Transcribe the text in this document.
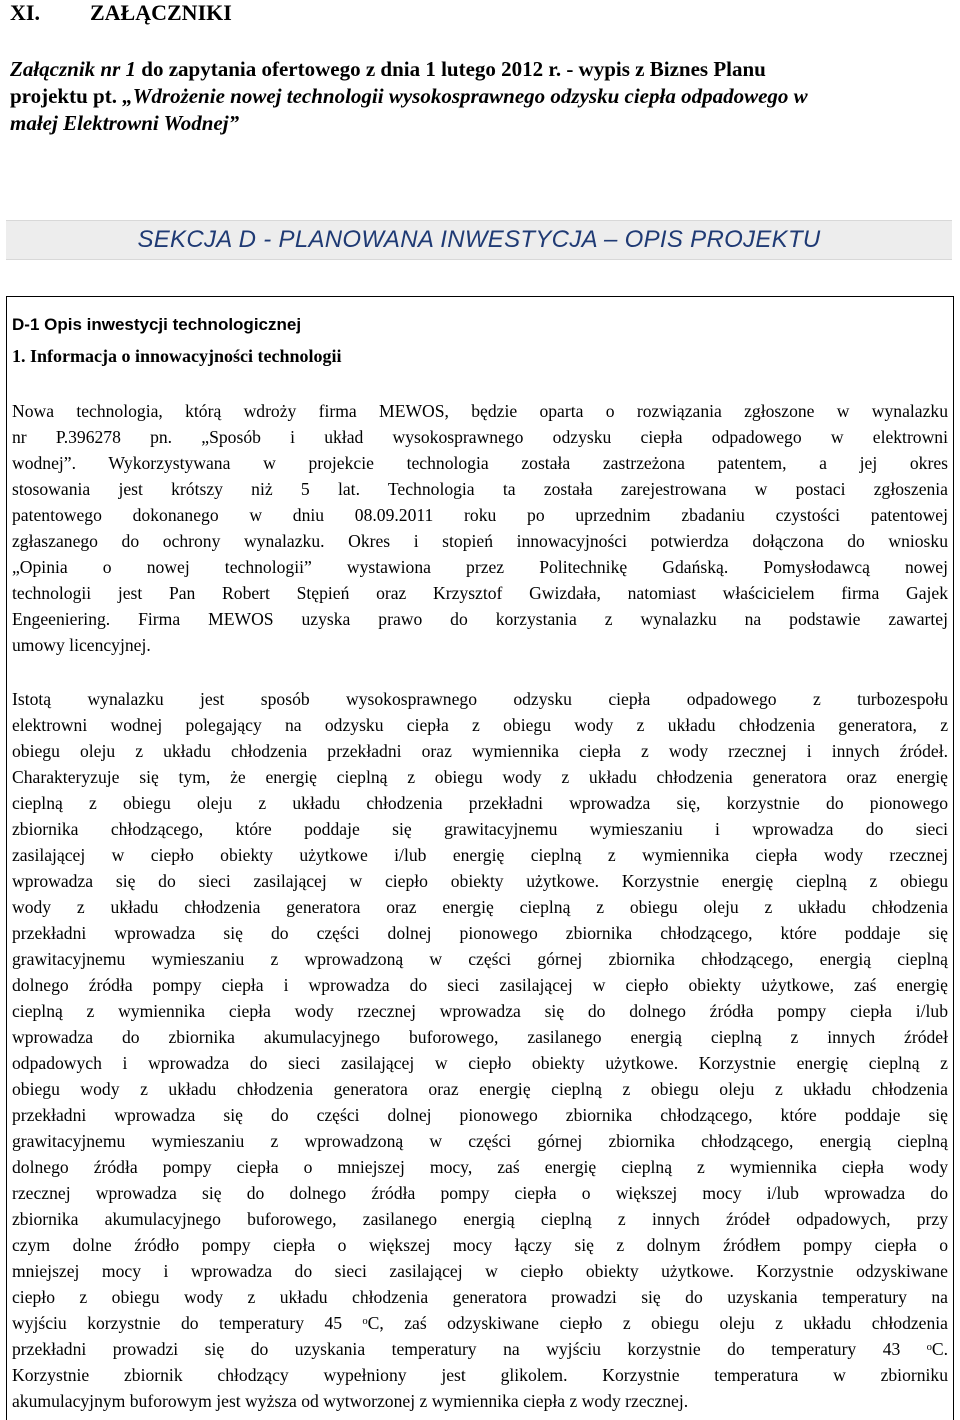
XI. ZAŁĄCZNIKI

Załącznik nr 1 do zapytania ofertowego z dnia 1 lutego 2012 r. - wypis z Biznes Planu
projektu pt. „Wdrożenie nowej technologii wysokosprawnego odzysku ciepła odpadowego w
małej Elektrowni Wodnej”

SEKCJA D - PLANOWANA INWESTYCJA – OPIS PROJEKTU
D-1 Opis inwestycji technologicznej
1. Informacja o innowacyjności technologii
Nowa technologia, którą wdroży firma MEWOS, będzie oparta o rozwiązania zgłoszone w wynalazku
nr P.396278 pn. „Sposób i układ wysokosprawnego odzysku ciepła odpadowego w elektrowni
wodnej”. Wykorzystywana w projekcie technologia została zastrzeżona patentem, a jej okres
stosowania jest krótszy niż 5 lat. Technologia ta została zarejestrowana w postaci zgłoszenia
patentowego dokonanego w dniu 08.09.2011 roku po uprzednim zbadaniu czystości patentowej
zgłaszanego do ochrony wynalazku. Okres i stopień innowacyjności potwierdza dołączona do wniosku
„Opinia o nowej technologii” wystawiona przez Politechnikę Gdańską. Pomysłodawcą nowej
technologii jest Pan Robert Stępień oraz Krzysztof Gwizdała, natomiast właścicielem firma Gajek
Engeeniering. Firma MEWOS uzyska prawo do korzystania z wynalazku na podstawie zawartej
umowy licencyjnej.
Istotą wynalazku jest sposób wysokosprawnego odzysku ciepła odpadowego z turbozespołu
elektrowni wodnej polegający na odzysku ciepła z obiegu wody z układu chłodzenia generatora, z
obiegu oleju z układu chłodzenia przekładni oraz wymiennika ciepła z wody rzecznej i innych źródeł.
Charakteryzuje się tym, że energię cieplną z obiegu wody z układu chłodzenia generatora oraz energię
cieplną z obiegu oleju z układu chłodzenia przekładni wprowadza się, korzystnie do pionowego
zbiornika chłodzącego, które poddaje się grawitacyjnemu wymieszaniu i wprowadza do sieci
zasilającej w ciepło obiekty użytkowe i/lub energię cieplną z wymiennika ciepła wody rzecznej
wprowadza się do sieci zasilającej w ciepło obiekty użytkowe. Korzystnie energię cieplną z obiegu
wody z układu chłodzenia generatora oraz energię cieplną z obiegu oleju z układu chłodzenia
przekładni wprowadza się do części dolnej pionowego zbiornika chłodzącego, które poddaje się
grawitacyjnemu wymieszaniu z wprowadzoną w części górnej zbiornika chłodzącego, energią cieplną
dolnego źródła pompy ciepła i wprowadza do sieci zasilającej w ciepło obiekty użytkowe, zaś energię
cieplną z wymiennika ciepła wody rzecznej wprowadza się do dolnego źródła pompy ciepła i/lub
wprowadza do zbiornika akumulacyjnego buforowego, zasilanego energią cieplną z innych źródeł
odpadowych i wprowadza do sieci zasilającej w ciepło obiekty użytkowe. Korzystnie energię cieplną z
obiegu wody z układu chłodzenia generatora oraz energię cieplną z obiegu oleju z układu chłodzenia
przekładni wprowadza się do części dolnej pionowego zbiornika chłodzącego, które poddaje się
grawitacyjnemu wymieszaniu z wprowadzoną w części górnej zbiornika chłodzącego, energią cieplną
dolnego źródła pompy ciepła o mniejszej mocy, zaś energię cieplną z wymiennika ciepła wody
rzecznej wprowadza się do dolnego źródła pompy ciepła o większej mocy i/lub wprowadza do
zbiornika akumulacyjnego buforowego, zasilanego energią cieplną z innych źródeł odpadowych, przy
czym dolne źródło pompy ciepła o większej mocy łączy się z dolnym źródłem pompy ciepła o
mniejszej mocy i wprowadza do sieci zasilającej w ciepło obiekty użytkowe. Korzystnie odzyskiwane
ciepło z obiegu wody z układu chłodzenia generatora prowadzi się do uzyskania temperatury na
wyjściu korzystnie do temperatury 45 ᵒC, zaś odzyskiwane ciepło z obiegu oleju z układu chłodzenia
przekładni prowadzi się do uzyskania temperatury na wyjściu korzystnie do temperatury 43 ᵒC.
Korzystnie zbiornik chłodzący wypełniony jest glikolem. Korzystnie temperatura w zbiorniku
akumulacyjnym buforowym jest wyższa od wytworzonej z wymiennika ciepła z wody rzecznej.
